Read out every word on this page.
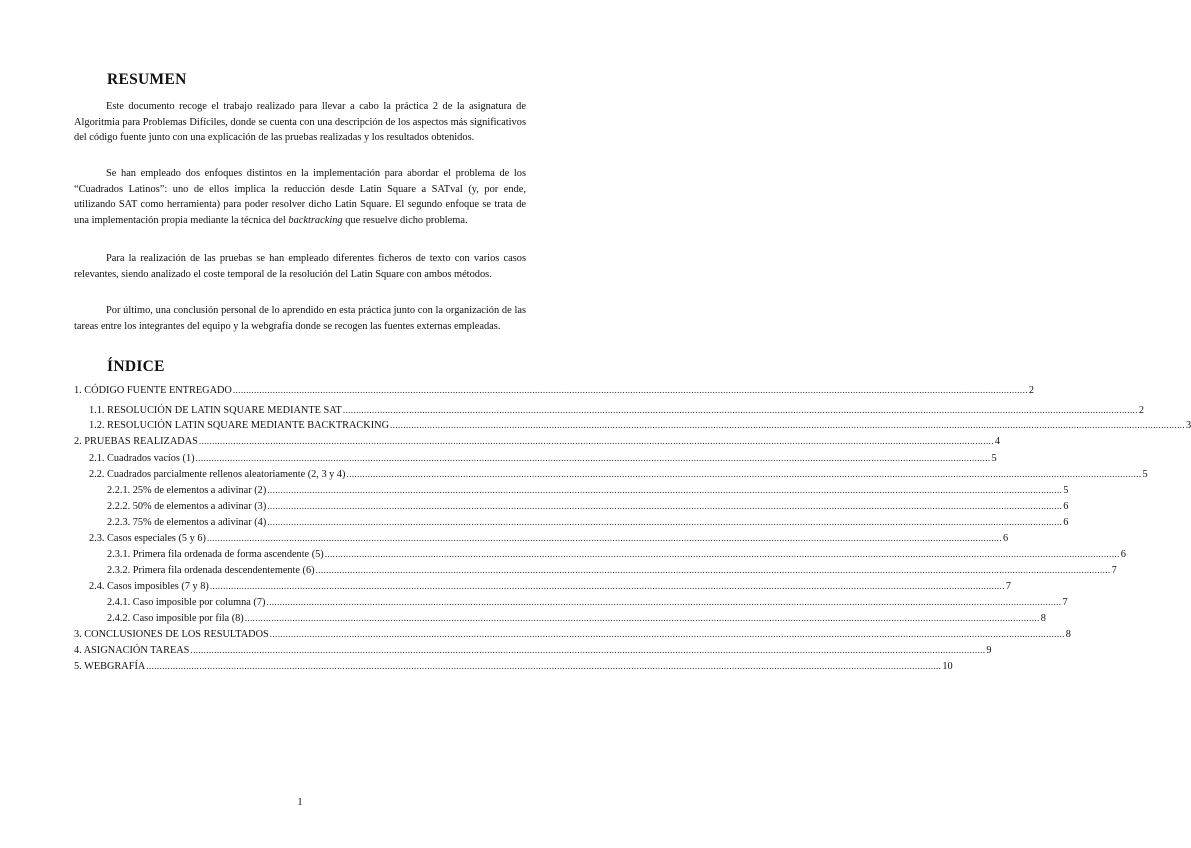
RESUMEN

Este documento recoge el trabajo realizado para llevar a cabo la práctica 2 de la asignatura de Algoritmia para Problemas Difíciles, donde se cuenta con una descripción de los aspectos más significativos del código fuente junto con una explicación de las pruebas realizadas y los resultados obtenidos.

Se han empleado dos enfoques distintos en la implementación para abordar el problema de los “Cuadrados Latinos”: uno de ellos implica la reducción desde Latin Square a SATval (y, por ende, utilizando SAT como herramienta) para poder resolver dicho Latin Square. El segundo enfoque se trata de una implementación propia mediante la técnica del backtracking que resuelve dicho problema.

Para la realización de las pruebas se han empleado diferentes ficheros de texto con varios casos relevantes, siendo analizado el coste temporal de la resolución del Latin Square con ambos métodos.

Por último, una conclusión personal de lo aprendido en esta práctica junto con la organización de las tareas entre los integrantes del equipo y la webgrafía donde se recogen las fuentes externas empleadas.

ÍNDICE
1. CÓDIGO FUENTE ENTREGADO ............................................................................................................................................................................................................................................................................................................ 2
1.1. RESOLUCIÓN DE LATIN SQUARE MEDIANTE SAT ............................................................................................................................................................................................................................................................................................................ 2
1.2. RESOLUCIÓN LATIN SQUARE MEDIANTE BACKTRACKING ............................................................................................................................................................................................................................................................................................................ 3
2. PRUEBAS REALIZADAS ............................................................................................................................................................................................................................................................................................................ 4
2.1. Cuadrados vacíos (1) ............................................................................................................................................................................................................................................................................................................ 5
2.2. Cuadrados parcialmente rellenos aleatoriamente (2, 3 y 4) ............................................................................................................................................................................................................................................................................................................ 5
2.2.1. 25% de elementos a adivinar (2) ............................................................................................................................................................................................................................................................................................................ 5
2.2.2. 50% de elementos a adivinar (3) ............................................................................................................................................................................................................................................................................................................ 6
2.2.3. 75% de elementos a adivinar (4) ............................................................................................................................................................................................................................................................................................................ 6
2.3. Casos especiales (5 y 6) ............................................................................................................................................................................................................................................................................................................ 6
2.3.1. Primera fila ordenada de forma ascendente (5) ............................................................................................................................................................................................................................................................................................................ 6
2.3.2. Primera fila ordenada descendentemente (6) ............................................................................................................................................................................................................................................................................................................ 7
2.4. Casos imposibles (7 y 8) ............................................................................................................................................................................................................................................................................................................ 7
2.4.1. Caso imposible por columna (7) ............................................................................................................................................................................................................................................................................................................ 7
2.4.2. Caso imposible por fila (8) ............................................................................................................................................................................................................................................................................................................ 8
3. CONCLUSIONES DE LOS RESULTADOS ............................................................................................................................................................................................................................................................................................................ 8
4. ASIGNACIÓN TAREAS ............................................................................................................................................................................................................................................................................................................ 9
5. WEBGRAFÍA ............................................................................................................................................................................................................................................................................................................ 10
1
